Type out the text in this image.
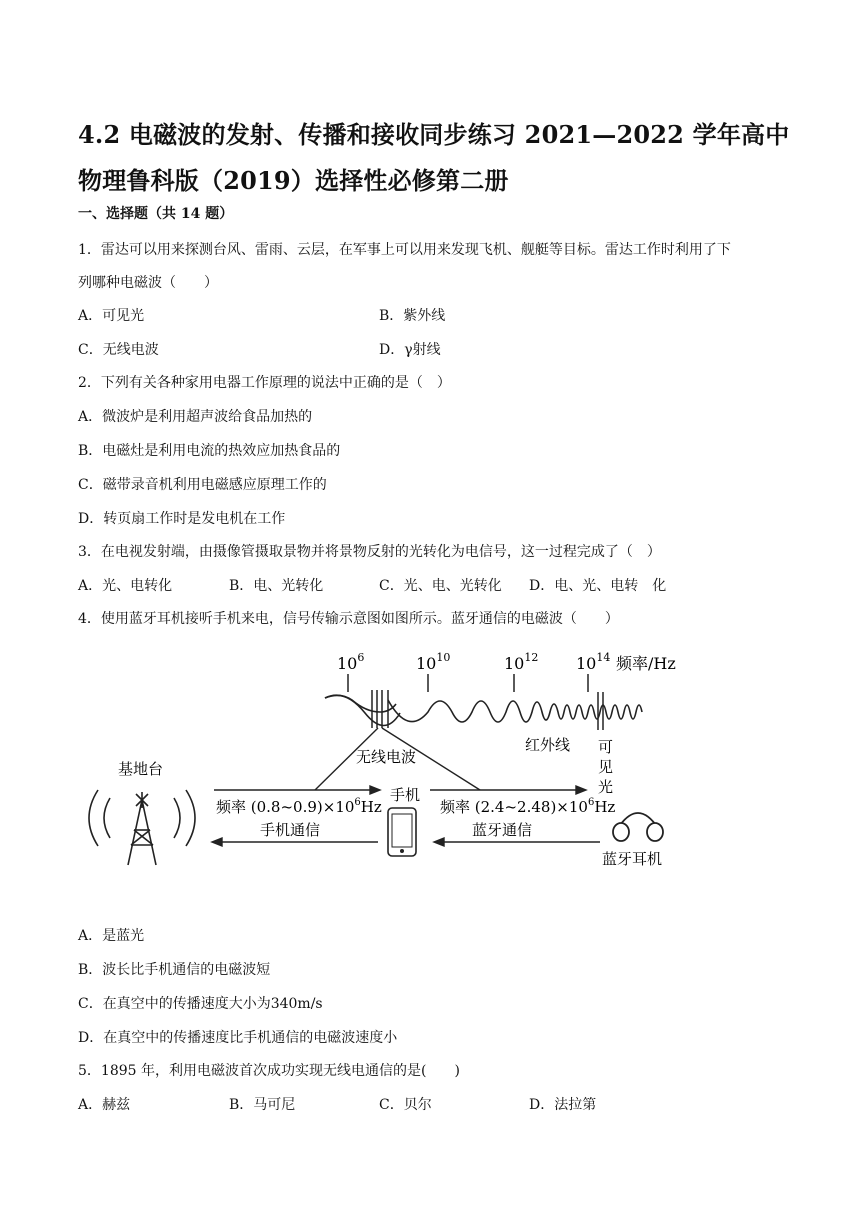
4.2 电磁波的发射、传播和接收同步练习 2021—2022 学年高中物理鲁科版（2019）选择性必修第二册
一、选择题（共 14 题）
1．雷达可以用来探测台风、雷雨、云层，在军事上可以用来发现飞机、舰艇等目标。雷达工作时利用了下
列哪种电磁波（　　）
A．可见光	B．紫外线
C．无线电波	D．γ射线
2．下列有关各种家用电器工作原理的说法中正确的是（　）
A．微波炉是利用超声波给食品加热的
B．电磁灶是利用电流的热效应加热食品的
C．磁带录音机利用电磁感应原理工作的
D．转页扇工作时是发电机在工作
3．在电视发射端，由摄像管摄取景物并将景物反射的光转化为电信号，这一过程完成了（　）
A．光、电转化	B．电、光转化	C．光、电、光转化 D．电、光、电转　化
4．使用蓝牙耳机接听手机来电，信号传输示意图如图所示。蓝牙通信的电磁波（　　）
$10^6$	$10^{10}$	$10^{12}$ $10^{14}$ 频率/Hz
无线电波
红外线 可
见
光
基地台
频率 $(0.8\sim 0.9)\times 10^6Hz$
手机通信
手机
频率 $(2.4\sim 2.48)\times 10^6Hz$
蓝牙通信
蓝牙耳机
A．是蓝光
B．波长比手机通信的电磁波短
C．在真空中的传播速度大小为340m/s
D．在真空中的传播速度比手机通信的电磁波速度小
5．1895 年，利用电磁波首次成功实现无线电通信的是(　　)
A．赫兹	B．马可尼	C．贝尔	D．法拉第
